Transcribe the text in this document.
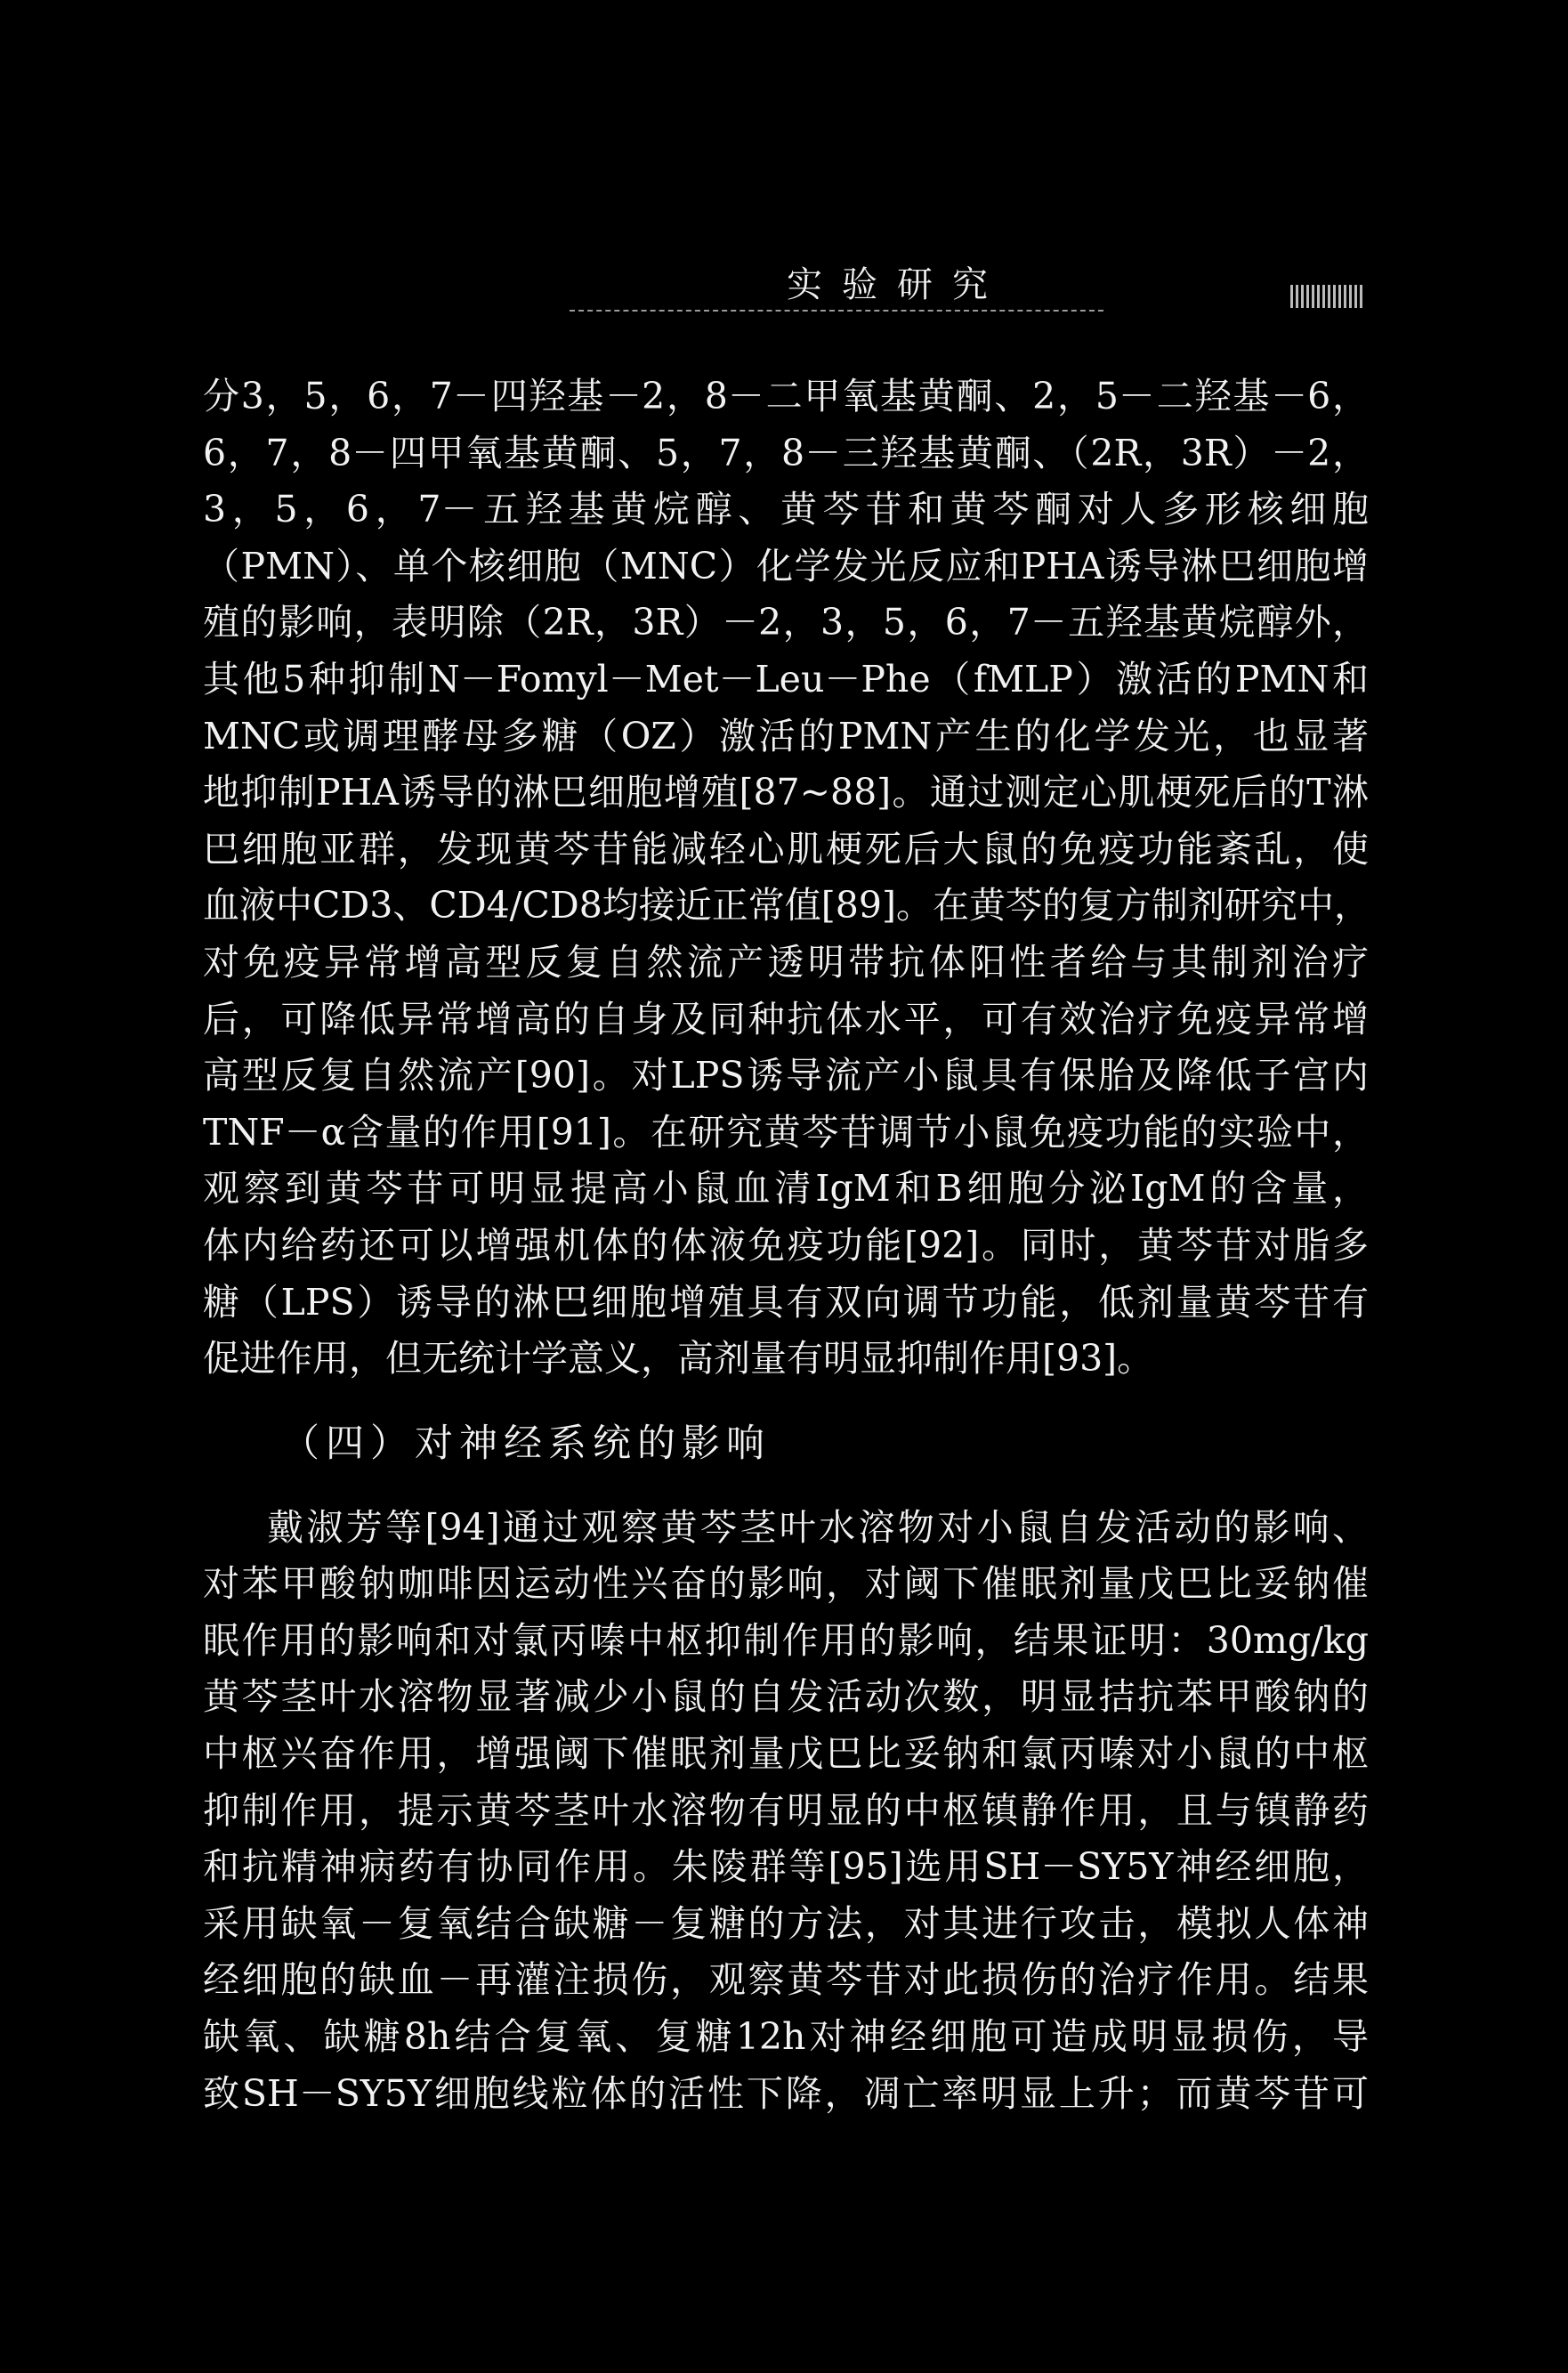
实验研究
分3，5，6，7－四羟基－2，8－二甲氧基黄酮、2，5－二羟基－6，
6，7，8－四甲氧基黄酮、5，7，8－三羟基黄酮、（2R，3R）－2，
3，5，6，7－五羟基黄烷醇、黄芩苷和黄芩酮对人多形核细胞
（PMN）、单个核细胞（MNC）化学发光反应和PHA诱导淋巴细胞增
殖的影响，表明除（2R，3R）－2，3，5，6，7－五羟基黄烷醇外，
其他5种抑制N－Fomyl－Met－Leu－Phe（fMLP）激活的PMN和
MNC或调理酵母多糖（OZ）激活的PMN产生的化学发光，也显著
地抑制PHA诱导的淋巴细胞增殖[87~88]。通过测定心肌梗死后的T淋
巴细胞亚群，发现黄芩苷能减轻心肌梗死后大鼠的免疫功能紊乱，使
血液中CD3、CD4/CD8均接近正常值[89]。在黄芩的复方制剂研究中，
对免疫异常增高型反复自然流产透明带抗体阳性者给与其制剂治疗
后，可降低异常增高的自身及同种抗体水平，可有效治疗免疫异常增
高型反复自然流产[90]。对LPS诱导流产小鼠具有保胎及降低子宫内
TNF－α含量的作用[91]。在研究黄芩苷调节小鼠免疫功能的实验中，
观察到黄芩苷可明显提高小鼠血清IgM和B细胞分泌IgM的含量，
体内给药还可以增强机体的体液免疫功能[92]。同时，黄芩苷对脂多
糖（LPS）诱导的淋巴细胞增殖具有双向调节功能，低剂量黄芩苷有
促进作用，但无统计学意义，高剂量有明显抑制作用[93]。
（四）对神经系统的影响
戴淑芳等[94]通过观察黄芩茎叶水溶物对小鼠自发活动的影响、
对苯甲酸钠咖啡因运动性兴奋的影响，对阈下催眠剂量戊巴比妥钠催
眠作用的影响和对氯丙嗪中枢抑制作用的影响，结果证明：30mg/kg
黄芩茎叶水溶物显著减少小鼠的自发活动次数，明显拮抗苯甲酸钠的
中枢兴奋作用，增强阈下催眠剂量戊巴比妥钠和氯丙嗪对小鼠的中枢
抑制作用，提示黄芩茎叶水溶物有明显的中枢镇静作用，且与镇静药
和抗精神病药有协同作用。朱陵群等[95]选用SH－SY5Y神经细胞，
采用缺氧－复氧结合缺糖－复糖的方法，对其进行攻击，模拟人体神
经细胞的缺血－再灌注损伤，观察黄芩苷对此损伤的治疗作用。结果
缺氧、缺糖8h结合复氧、复糖12h对神经细胞可造成明显损伤，导
致SH－SY5Y细胞线粒体的活性下降，凋亡率明显上升；而黄芩苷可
